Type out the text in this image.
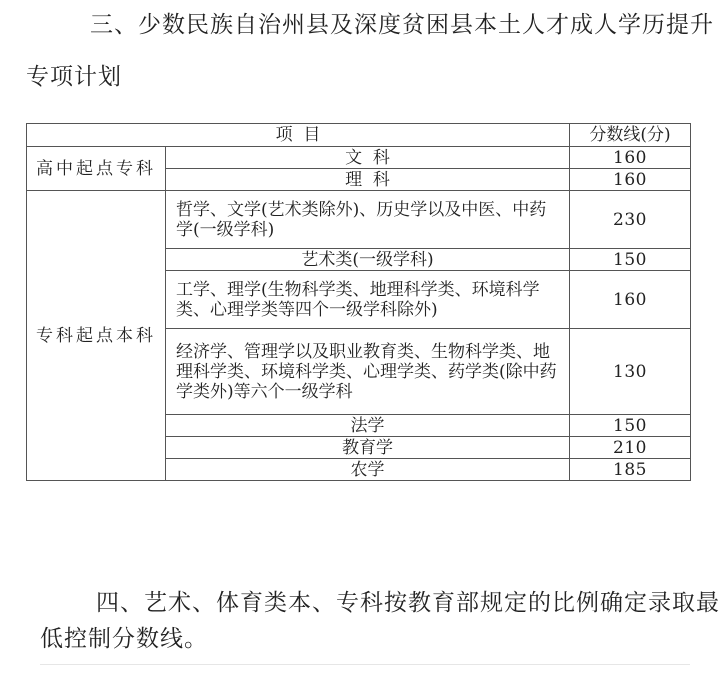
三、少数民族自治州县及深度贫困县本土人才成人学历提升
专项计划
项  目		分数线(分)
高中起点专科	文  科	160
	理  科	160
专科起点本科	哲学、文学(艺术类除外)、历史学以及中医、中药学(一级学科)	230
	艺术类(一级学科)	150
	工学、理学(生物科学类、地理科学类、环境科学类、心理学类等四个一级学科除外)	160
	经济学、管理学以及职业教育类、生物科学类、地理科学类、环境科学类、心理学类、药学类(除中药学类外)等六个一级学科	130
	法学	150
	教育学	210
	农学	185
四、艺术、体育类本、专科按教育部规定的比例确定录取最
低控制分数线。
